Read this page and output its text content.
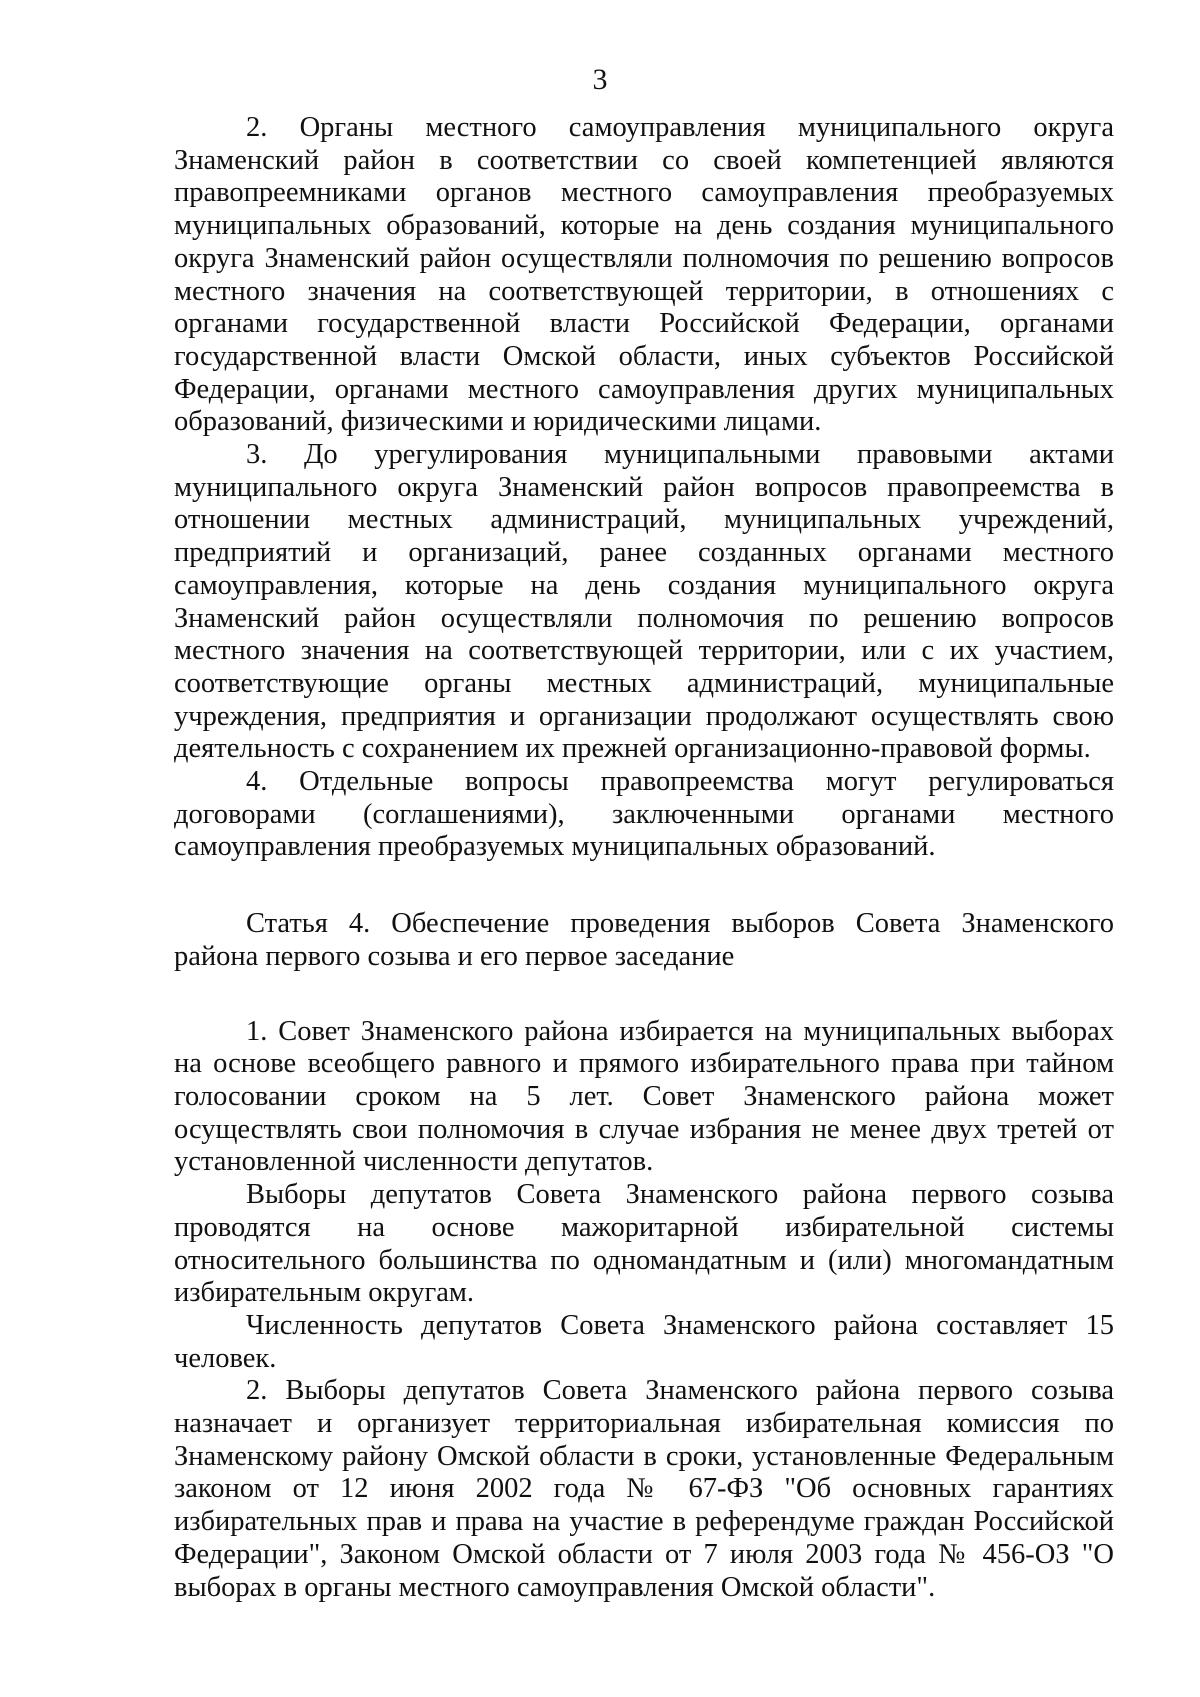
3

2. Органы местного самоуправления муниципального округа Знаменский район в соответствии со своей компетенцией являются правопреемниками органов местного самоуправления преобразуемых муниципальных образований, которые на день создания муниципального округа Знаменский район осуществляли полномочия по решению вопросов местного значения на соответствующей территории, в отношениях с органами государственной власти Российской Федерации, органами государственной власти Омской области, иных субъектов Российской Федерации, органами местного самоуправления других муниципальных образований, физическими и юридическими лицами.

3. До урегулирования муниципальными правовыми актами муниципального округа Знаменский район вопросов правопреемства в отношении местных администраций, муниципальных учреждений, предприятий и организаций, ранее созданных органами местного самоуправления, которые на день создания муниципального округа Знаменский район осуществляли полномочия по решению вопросов местного значения на соответствующей территории, или с их участием, соответствующие органы местных администраций, муниципальные учреждения, предприятия и организации продолжают осуществлять свою деятельность с сохранением их прежней организационно-правовой формы.

4. Отдельные вопросы правопреемства могут регулироваться договорами (соглашениями), заключенными органами местного самоуправления преобразуемых муниципальных образований.

Статья 4. Обеспечение проведения выборов Совета Знаменского района первого созыва и его первое заседание

1. Совет Знаменского района избирается на муниципальных выборах на основе всеобщего равного и прямого избирательного права при тайном голосовании сроком на 5 лет. Совет Знаменского района может осуществлять свои полномочия в случае избрания не менее двух третей от установленной численности депутатов.

Выборы депутатов Совета Знаменского района первого созыва проводятся на основе мажоритарной избирательной системы относительного большинства по одномандатным и (или) многомандатным избирательным округам.

Численность депутатов Совета Знаменского района составляет 15 человек.

2. Выборы депутатов Совета Знаменского района первого созыва назначает и организует территориальная избирательная комиссия по Знаменскому району Омской области в сроки, установленные Федеральным законом от 12 июня 2002 года № 67-ФЗ "Об основных гарантиях избирательных прав и права на участие в референдуме граждан Российской Федерации", Законом Омской области от 7 июля 2003 года № 456-ОЗ "О выборах в органы местного самоуправления Омской области".
